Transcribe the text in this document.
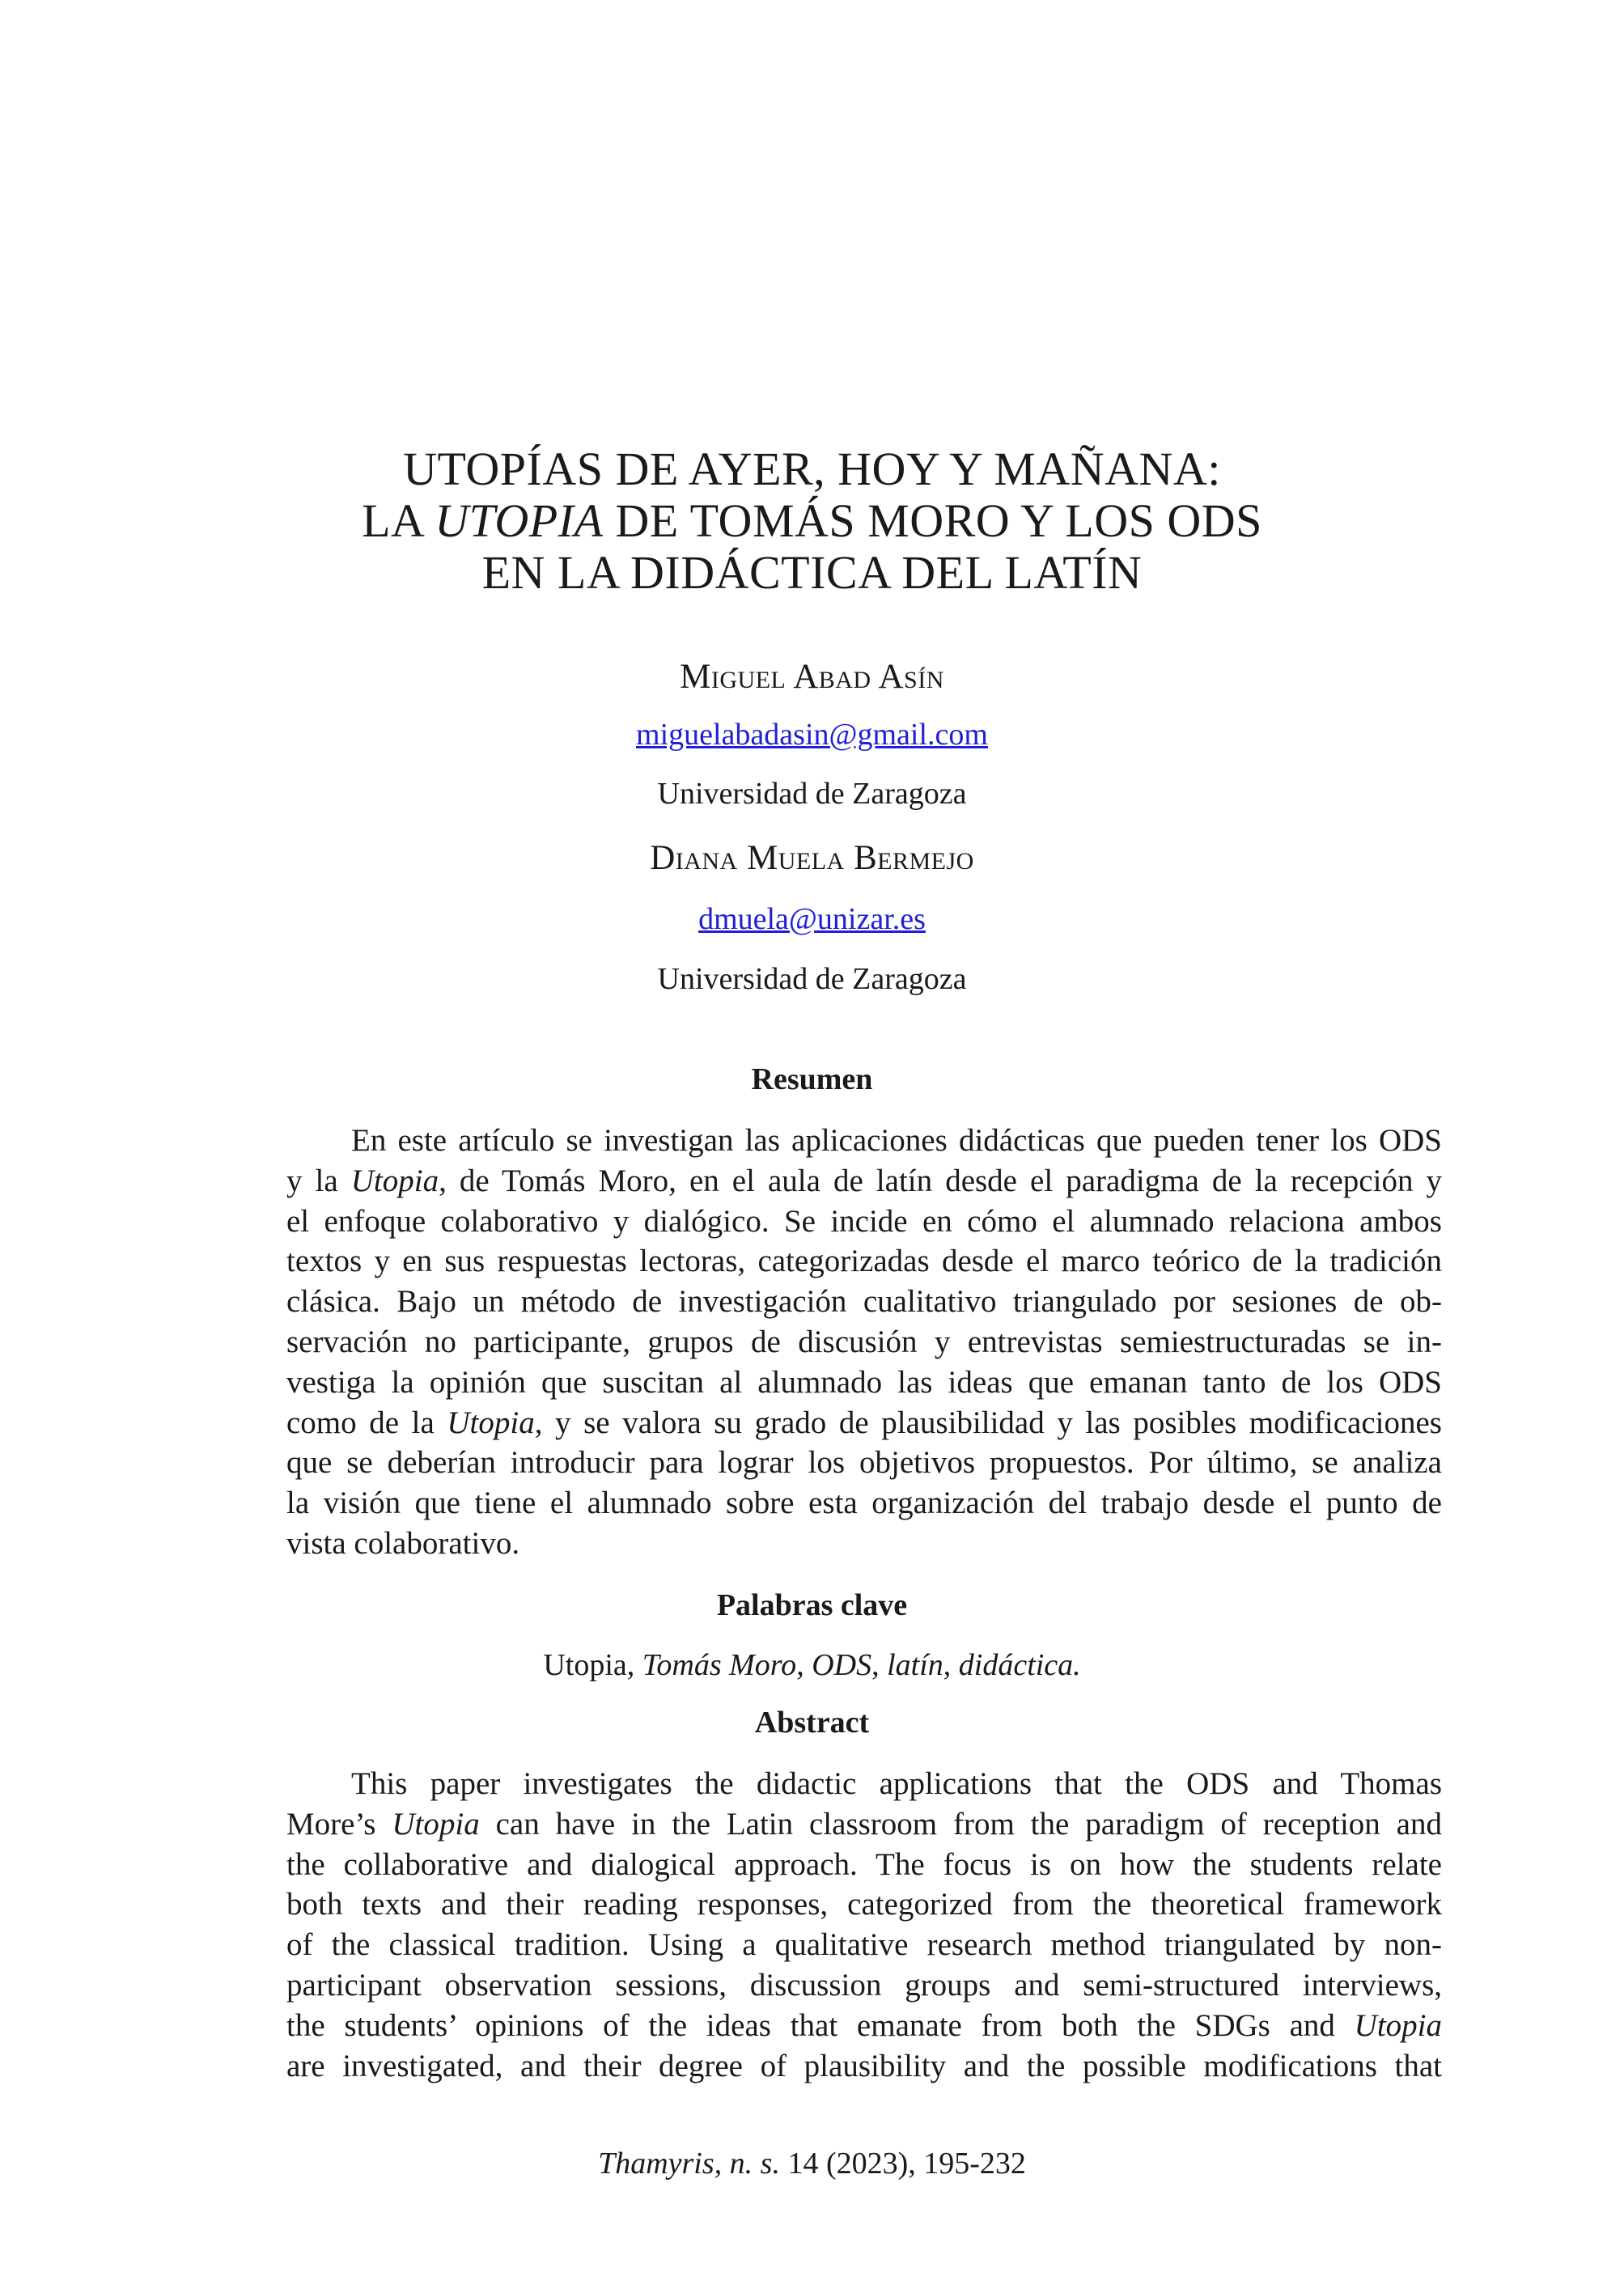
UTOPÍAS DE AYER, HOY Y MAÑANA:
LA UTOPIA DE TOMÁS MORO Y LOS ODS
EN LA DIDÁCTICA DEL LATÍN
Miguel Abad Asín
miguelabadasin@gmail.com
Universidad de Zaragoza
Diana Muela Bermejo
dmuela@unizar.es
Universidad de Zaragoza
Resumen
En este artículo se investigan las aplicaciones didácticas que pueden tener los ODS
y la Utopia, de Tomás Moro, en el aula de latín desde el paradigma de la recepción y
el enfoque colaborativo y dialógico. Se incide en cómo el alumnado relaciona ambos
textos y en sus respuestas lectoras, categorizadas desde el marco teórico de la tradición
clásica. Bajo un método de investigación cualitativo triangulado por sesiones de ob-
servación no participante, grupos de discusión y entrevistas semiestructuradas se in-
vestiga la opinión que suscitan al alumnado las ideas que emanan tanto de los ODS
como de la Utopia, y se valora su grado de plausibilidad y las posibles modificaciones
que se deberían introducir para lograr los objetivos propuestos. Por último, se analiza
la visión que tiene el alumnado sobre esta organización del trabajo desde el punto de
vista colaborativo.
Palabras clave
Utopia, Tomás Moro, ODS, latín, didáctica.
Abstract
This paper investigates the didactic applications that the ODS and Thomas
More’s Utopia can have in the Latin classroom from the paradigm of reception and
the collaborative and dialogical approach. The focus is on how the students relate
both texts and their reading responses, categorized from the theoretical framework
of the classical tradition. Using a qualitative research method triangulated by non-
participant observation sessions, discussion groups and semi-structured interviews,
the students’ opinions of the ideas that emanate from both the SDGs and Utopia
are investigated, and their degree of plausibility and the possible modifications that
Thamyris, n. s. 14 (2023), 195-232
